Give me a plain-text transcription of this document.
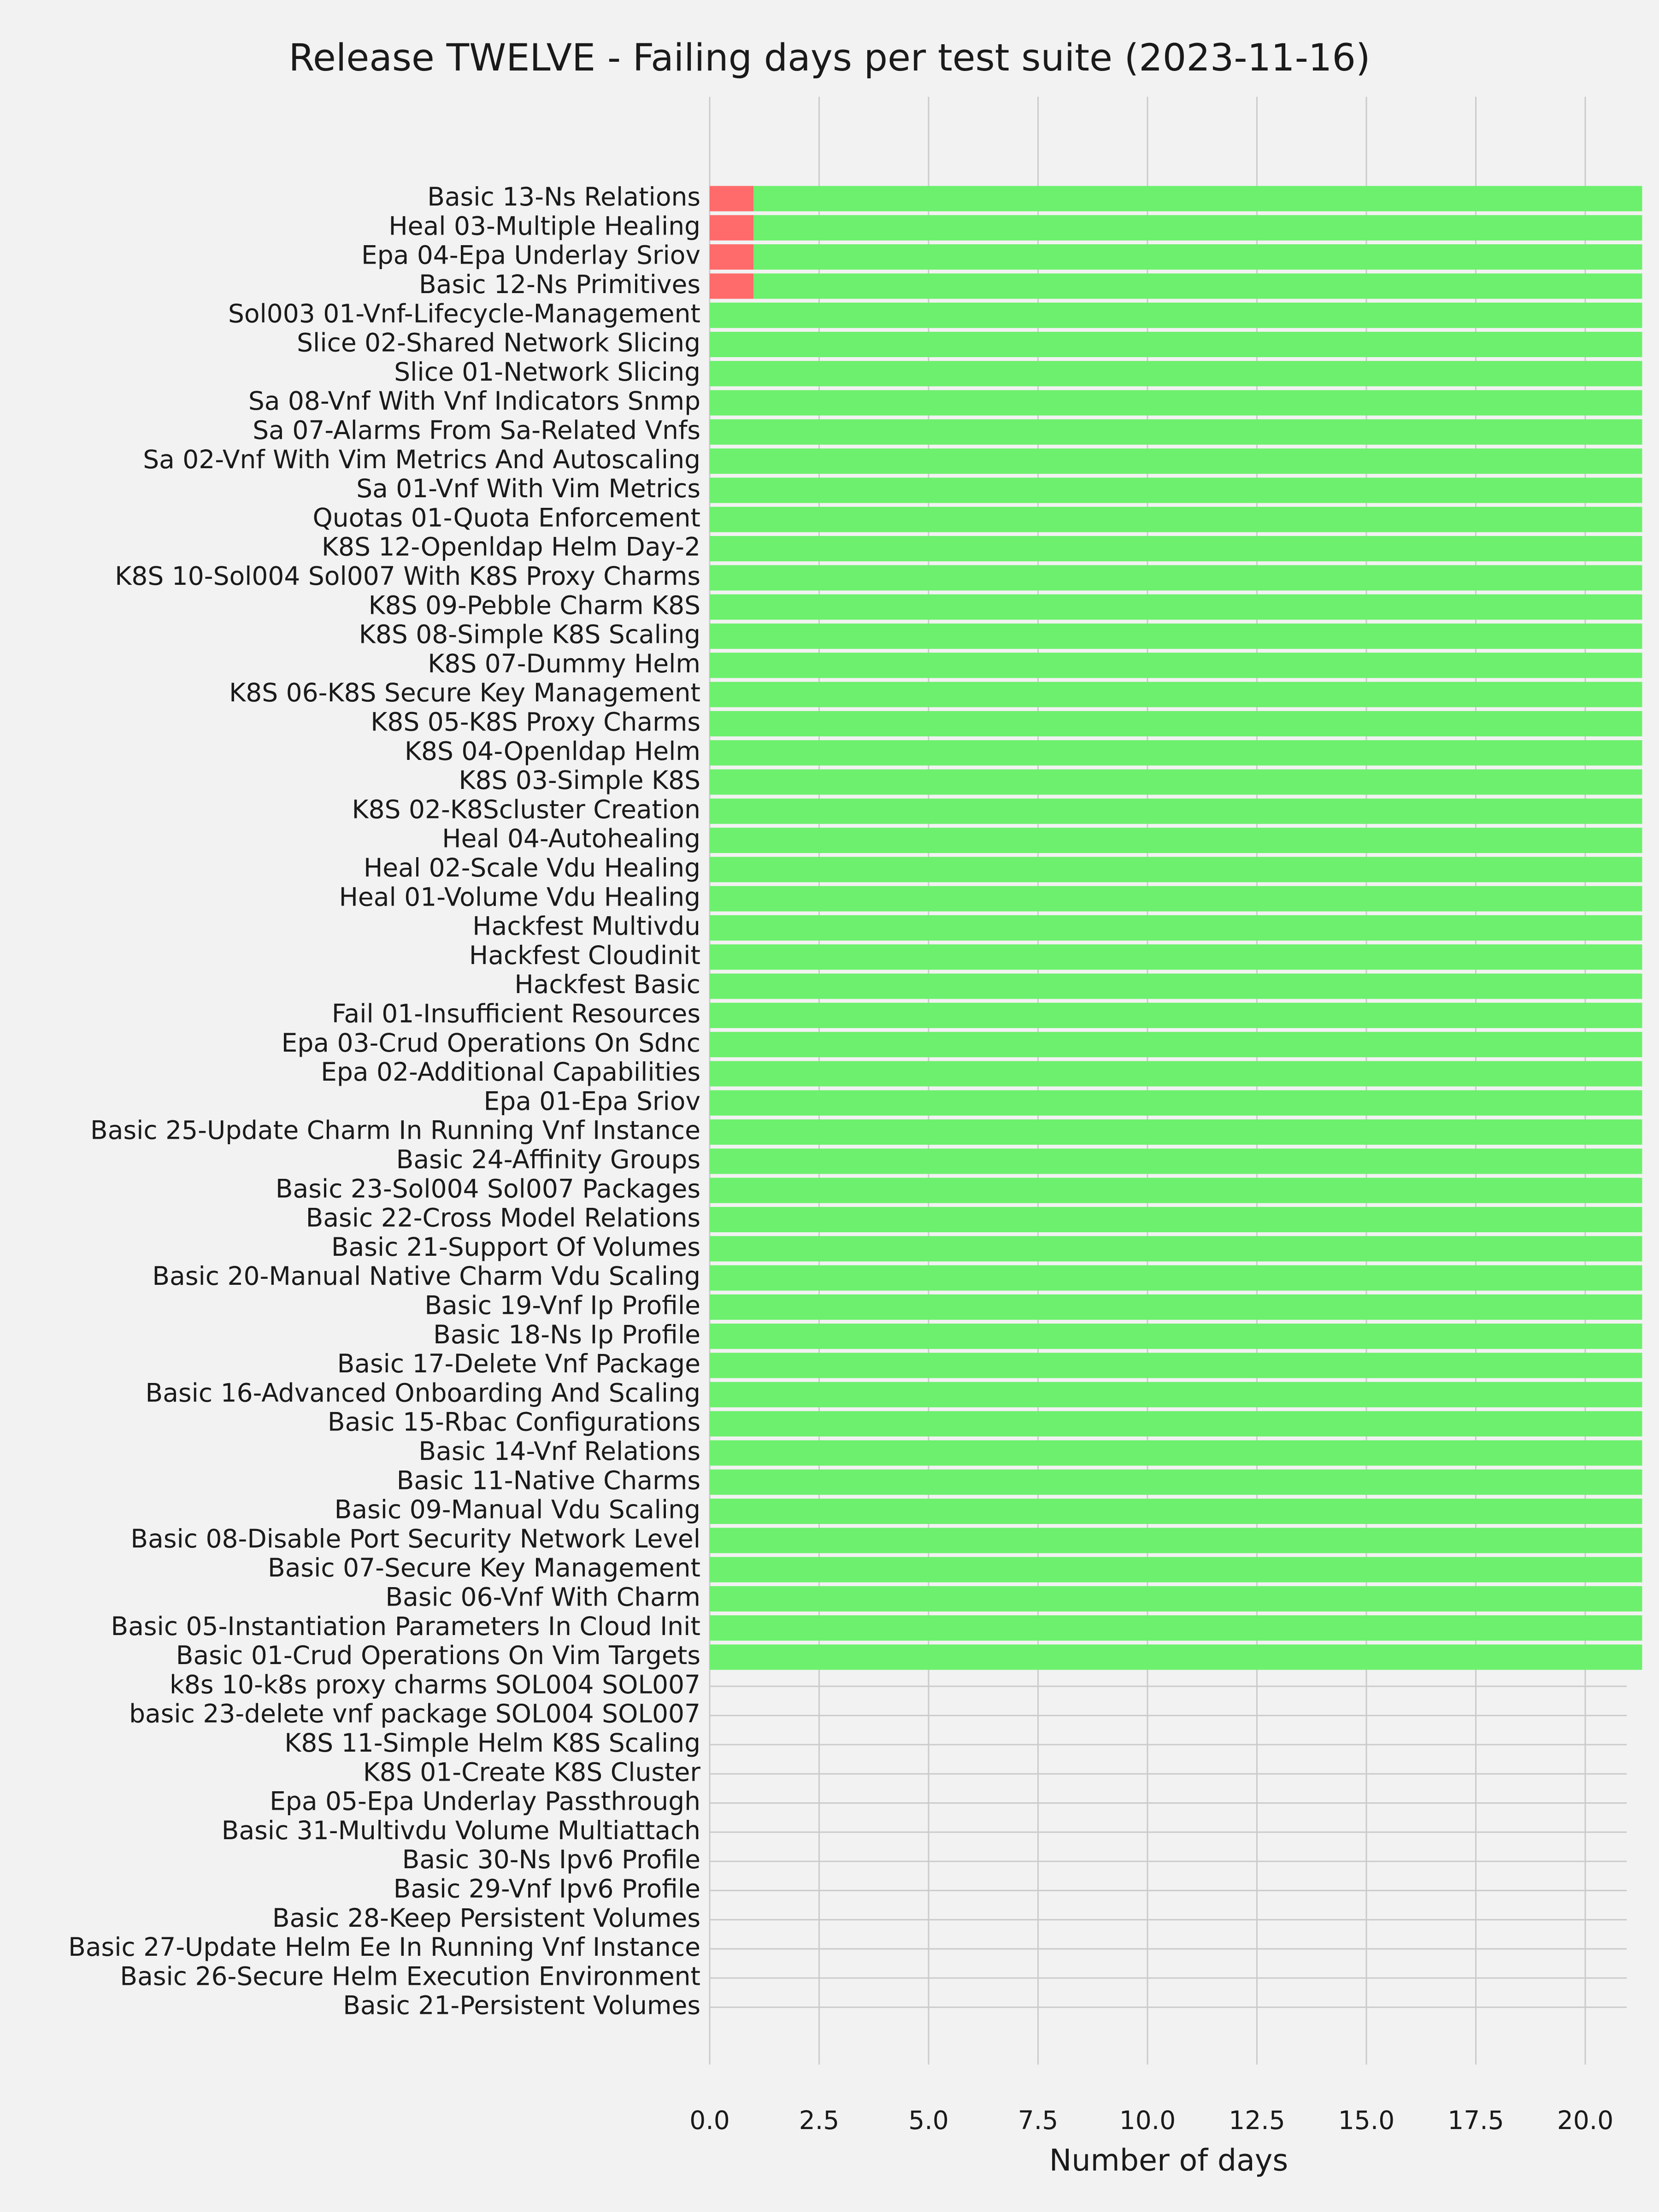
Release TWELVE - Failing days per test suite (2023-11-16)
Basic 13-Ns Relations
Heal 03-Multiple Healing
Epa 04-Epa Underlay Sriov
Basic 12-Ns Primitives
Sol003 01-Vnf-Lifecycle-Management
Slice 02-Shared Network Slicing
Slice 01-Network Slicing
Sa 08-Vnf With Vnf Indicators Snmp
Sa 07-Alarms From Sa-Related Vnfs
Sa 02-Vnf With Vim Metrics And Autoscaling
Sa 01-Vnf With Vim Metrics
Quotas 01-Quota Enforcement
K8S 12-Openldap Helm Day-2
K8S 10-Sol004 Sol007 With K8S Proxy Charms
K8S 09-Pebble Charm K8S
K8S 08-Simple K8S Scaling
K8S 07-Dummy Helm
K8S 06-K8S Secure Key Management
K8S 05-K8S Proxy Charms
K8S 04-Openldap Helm
K8S 03-Simple K8S
K8S 02-K8Scluster Creation
Heal 04-Autohealing
Heal 02-Scale Vdu Healing
Heal 01-Volume Vdu Healing
Hackfest Multivdu
Hackfest Cloudinit
Hackfest Basic
Fail 01-Insufficient Resources
Epa 03-Crud Operations On Sdnc
Epa 02-Additional Capabilities
Epa 01-Epa Sriov
Basic 25-Update Charm In Running Vnf Instance
Basic 24-Affinity Groups
Basic 23-Sol004 Sol007 Packages
Basic 22-Cross Model Relations
Basic 21-Support Of Volumes
Basic 20-Manual Native Charm Vdu Scaling
Basic 19-Vnf Ip Profile
Basic 18-Ns Ip Profile
Basic 17-Delete Vnf Package
Basic 16-Advanced Onboarding And Scaling
Basic 15-Rbac Configurations
Basic 14-Vnf Relations
Basic 11-Native Charms
Basic 09-Manual Vdu Scaling
Basic 08-Disable Port Security Network Level
Basic 07-Secure Key Management
Basic 06-Vnf With Charm
Basic 05-Instantiation Parameters In Cloud Init
Basic 01-Crud Operations On Vim Targets
k8s 10-k8s proxy charms SOL004 SOL007
basic 23-delete vnf package SOL004 SOL007
K8S 11-Simple Helm K8S Scaling
K8S 01-Create K8S Cluster
Epa 05-Epa Underlay Passthrough
Basic 31-Multivdu Volume Multiattach
Basic 30-Ns Ipv6 Profile
Basic 29-Vnf Ipv6 Profile
Basic 28-Keep Persistent Volumes
Basic 27-Update Helm Ee In Running Vnf Instance
Basic 26-Secure Helm Execution Environment
Basic 21-Persistent Volumes
0.0	2.5	5.0	7.5 10.0 12.5 15.0 17.5 20.0
Number of days
